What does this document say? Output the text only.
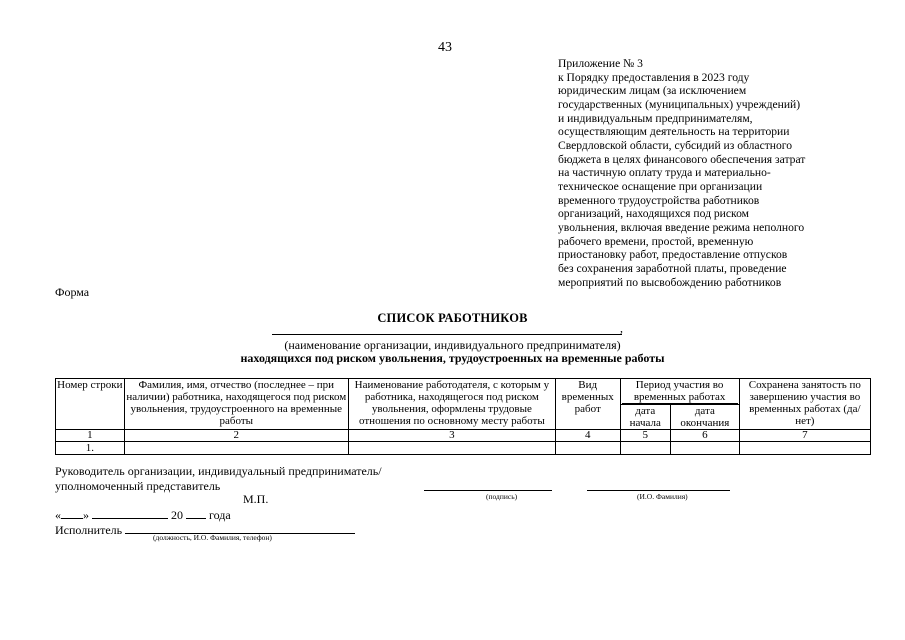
43
Приложение № 3
к Порядку предоставления в 2023 году
юридическим лицам (за исключением
государственных (муниципальных) учреждений)
и индивидуальным предпринимателям,
осуществляющим деятельность на территории
Свердловской области, субсидий из областного
бюджета в целях финансового обеспечения затрат
на частичную оплату труда и материально-
техническое оснащение при организации
временного трудоустройства работников
организаций, находящихся под риском
увольнения, включая введение режима неполного
рабочего времени, простой, временную
приостановку работ, предоставление отпусков
без сохранения заработной платы, проведение
мероприятий по высвобождению работников
Форма
СПИСОК РАБОТНИКОВ
,
(наименование организации, индивидуального предпринимателя)
находящихся под риском увольнения, трудоустроенных на временные работы
Номер строки	Фамилия, имя, отчество (последнее – при наличии) работника, находящегося под риском увольнения, трудоустроенного на временные работы	Наименование работодателя, с которым у работника, находящегося под риском увольнения, оформлены трудовые отношения по основному месту работы	Вид временных работ	Период участия во временных работах		Сохранена занятость по завершению участия во временных работах (да/нет)
				дата начала	дата окончания	
1	2	3	4	5	6	7
1.						
Руководитель организации, индивидуальный предприниматель/
уполномоченный представитель
(подпись)	(И.О. Фамилия)
М.П.
« »	20 года
Исполнитель
(должность, И.О. Фамилия, телефон)
